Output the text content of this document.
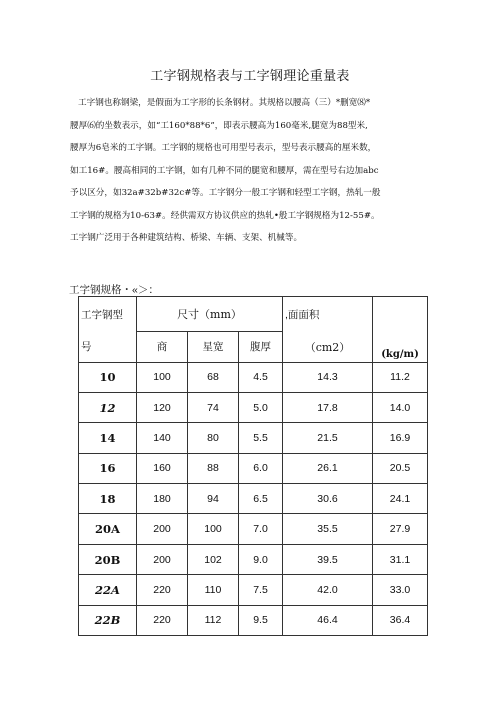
工字钢规格表与工字钢理论重量表

工字钢也称钢梁，是假面为工字形的长条钢材。其规格以腰高（三）*删宽⑻*

腰厚⑹的坐数表示，如“工160*88*6”，即表示腰高为160毫米,腿宽为88型米,

腰厚为6皂米的工字钢。工字钢的规格也可用型号表示，型号表示腰高的厘米数，

如工16#。腰高相同的工字钢，如有几种不同的腿宽和腰厚，需在型号右边加abc

予以区分，如32a#32b#32c#等。工字钢分一般工字钢和轻型工字钢，热轧一般

工字钢的规格为10-63#。经供需双方协议供应的热轧•般工字钢规格为12-55#。

工字钢广泛用于各种建筑结构、桥梁、车辆、支架、机械等。

工字钢规格・«＞：
工字钢型	尺寸（mm）			,面面积	
号	商	星宽	腹厚	（cm2）	(kg/m)
10	100	68	4.5	14.3	11.2
12	120	74	5.0	17.8	14.0
14	140	80	5.5	21.5	16.9
16	160	88	6.0	26.1	20.5
18	180	94	6.5	30.6	24.1
20A	200	100	7.0	35.5	27.9
20B	200	102	9.0	39.5	31.1
22A	220	110	7.5	42.0	33.0
22B	220	112	9.5	46.4	36.4
